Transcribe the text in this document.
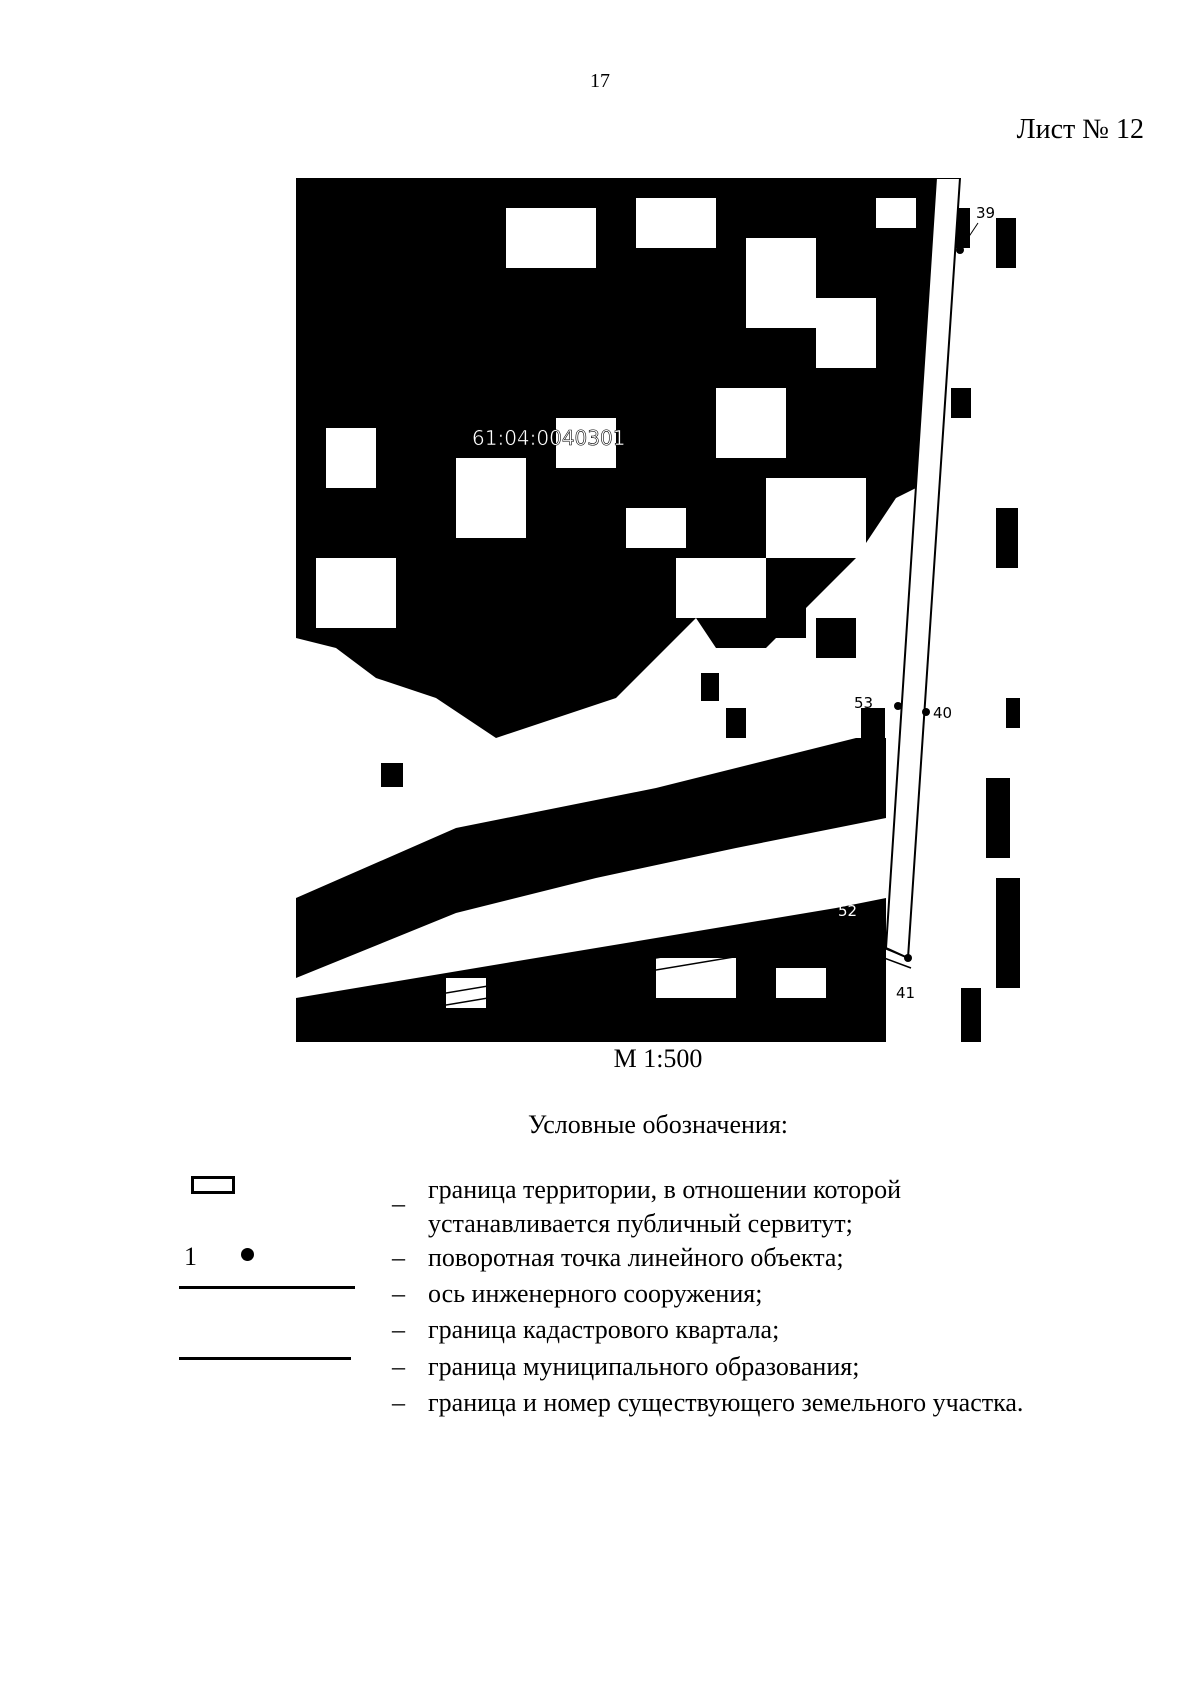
17
Лист № 12
39
40
41
42
51
52
53
54
61:04:0040301
М 1:500
Условные обозначения:
1
– граница территории, в отношении которой
устанавливается публичный сервитут;
– поворотная точка линейного объекта;
– ось инженерного сооружения;
– граница кадастрового квартала;
– граница муниципального образования;
– граница и номер существующего земельного участка.
